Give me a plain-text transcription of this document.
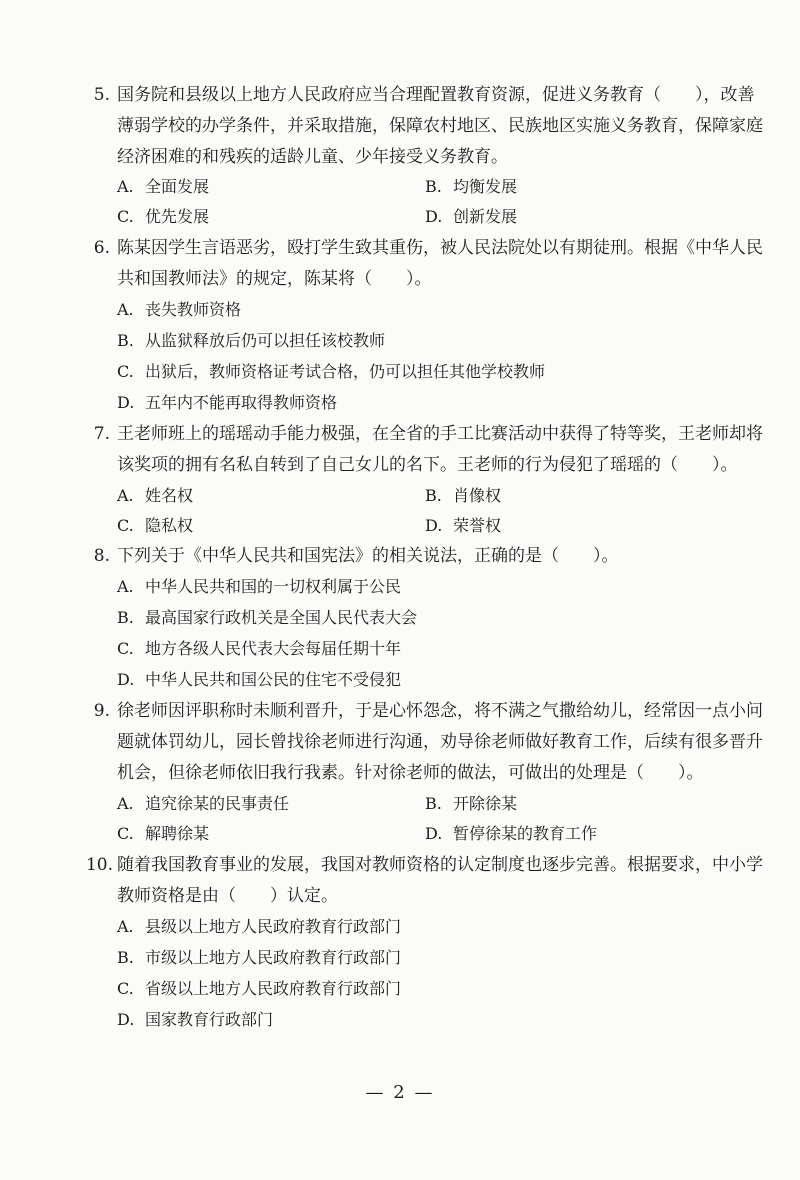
5. 国务院和县级以上地方人民政府应当合理配置教育资源，促进义务教育（　　），改善
薄弱学校的办学条件，并采取措施，保障农村地区、民族地区实施义务教育，保障家庭
经济困难的和残疾的适龄儿童、少年接受义务教育。
A. 全面发展	B. 均衡发展
C. 优先发展	D. 创新发展
6. 陈某因学生言语恶劣，殴打学生致其重伤，被人民法院处以有期徒刑。根据《中华人民
共和国教师法》的规定，陈某将（　　）。
A. 丧失教师资格
B. 从监狱释放后仍可以担任该校教师
C. 出狱后，教师资格证考试合格，仍可以担任其他学校教师
D. 五年内不能再取得教师资格
7. 王老师班上的瑶瑶动手能力极强，在全省的手工比赛活动中获得了特等奖，王老师却将
该奖项的拥有名私自转到了自己女儿的名下。王老师的行为侵犯了瑶瑶的（　　）。
A. 姓名权	B. 肖像权
C. 隐私权	D. 荣誉权
8. 下列关于《中华人民共和国宪法》的相关说法，正确的是（　　）。
A. 中华人民共和国的一切权利属于公民
B. 最高国家行政机关是全国人民代表大会
C. 地方各级人民代表大会每届任期十年
D. 中华人民共和国公民的住宅不受侵犯
9. 徐老师因评职称时未顺利晋升，于是心怀怨念，将不满之气撒给幼儿，经常因一点小问
题就体罚幼儿，园长曾找徐老师进行沟通，劝导徐老师做好教育工作，后续有很多晋升
机会，但徐老师依旧我行我素。针对徐老师的做法，可做出的处理是（　　）。
A. 追究徐某的民事责任	B. 开除徐某
C. 解聘徐某	D. 暂停徐某的教育工作
10. 随着我国教育事业的发展，我国对教师资格的认定制度也逐步完善。根据要求，中小学
教师资格是由（　　）认定。
A. 县级以上地方人民政府教育行政部门
B. 市级以上地方人民政府教育行政部门
C. 省级以上地方人民政府教育行政部门
D. 国家教育行政部门
— 2 —
